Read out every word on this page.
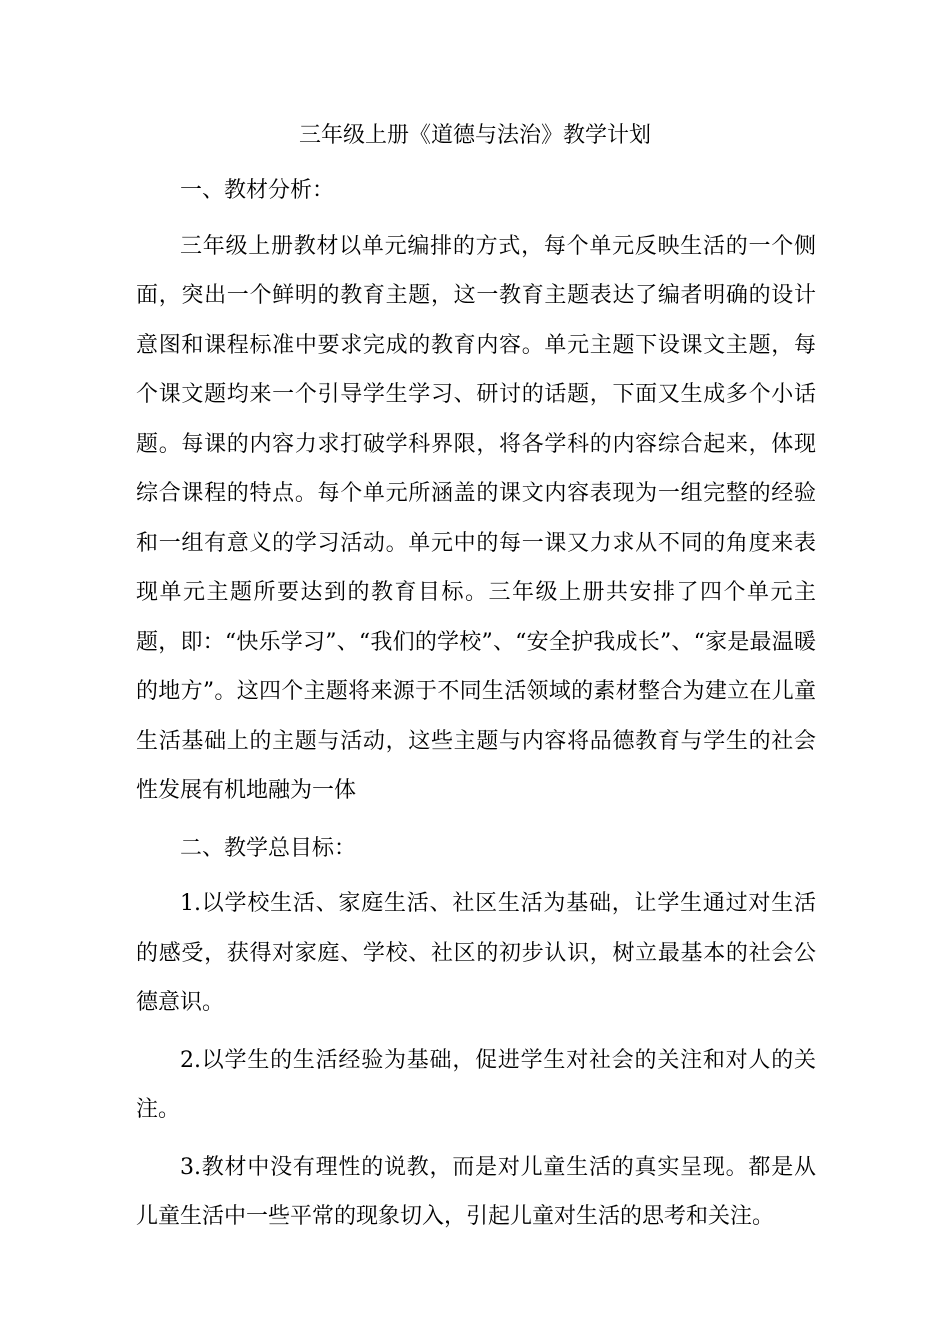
三年级上册《道德与法治》教学计划
一、教材分析：

三年级上册教材以单元编排的方式，每个单元反映生活的一个侧面，突出一个鲜明的教育主题，这一教育主题表达了编者明确的设计意图和课程标准中要求完成的教育内容。单元主题下设课文主题，每个课文题均来一个引导学生学习、研讨的话题，下面又生成多个小话题。每课的内容力求打破学科界限，将各学科的内容综合起来，体现综合课程的特点。每个单元所涵盖的课文内容表现为一组完整的经验和一组有意义的学习活动。单元中的每一课又力求从不同的角度来表现单元主题所要达到的教育目标。三年级上册共安排了四个单元主题，即：“快乐学习”、“我们的学校”、“安全护我成长”、“家是最温暖的地方”。这四个主题将来源于不同生活领域的素材整合为建立在儿童生活基础上的主题与活动，这些主题与内容将品德教育与学生的社会性发展有机地融为一体

二、教学总目标：

1.以学校生活、家庭生活、社区生活为基础，让学生通过对生活的感受，获得对家庭、学校、社区的初步认识，树立最基本的社会公德意识。

2.以学生的生活经验为基础，促进学生对社会的关注和对人的关注。

3.教材中没有理性的说教，而是对儿童生活的真实呈现。都是从儿童生活中一些平常的现象切入，引起儿童对生活的思考和关注。
